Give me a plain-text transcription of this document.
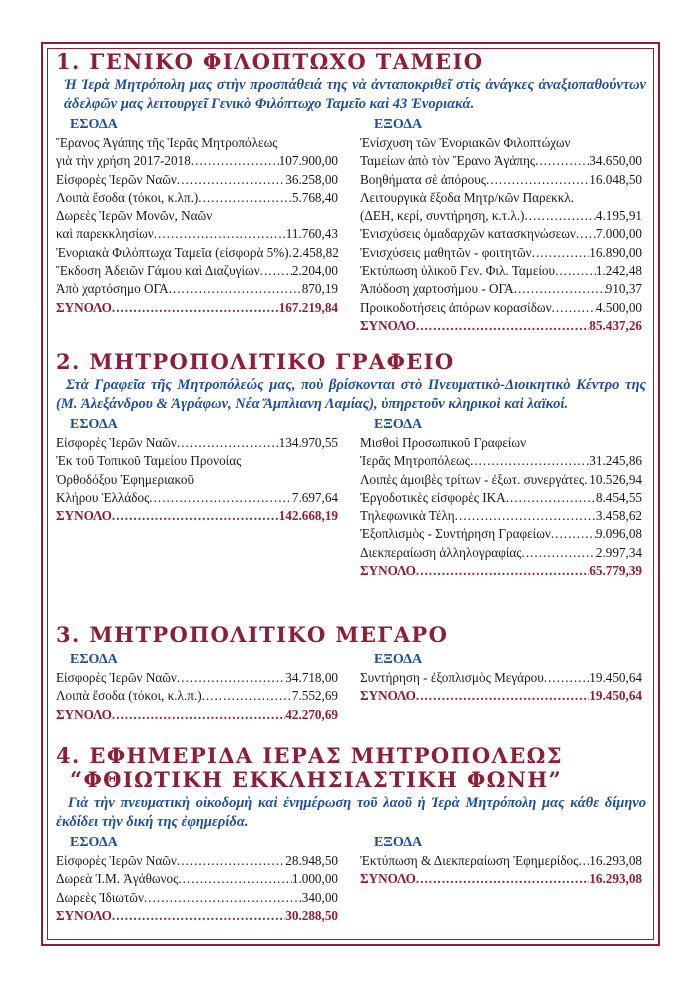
1. ΓΕΝΙΚΟ ΦΙΛΟΠΤΩΧΟ ΤΑΜΕΙΟ

Ἡ Ἱερὰ Μητρόπολη μας στὴν προσπάθειά της νὰ ἀνταποκριθεῖ στὶς ἀνάγκες ἀναξιοπαθούντων ἀδελφῶν μας λειτουργεῖ Γενικὸ Φιλόπτωχο Ταμεῖο καὶ 43 Ἐνοριακά.

ΕΣΟΔΑ
Ἔρανος Ἀγάπης τῆς Ἱερᾶς Μητροπόλεως
γιὰ τὴν χρήση 2017-2018 .....	107.900,00
Εἰσφορὲς Ἱερῶν Ναῶν .....	36.258,00
Λοιπὰ ἔσοδα (τόκοι, κ.λπ.) .....	5.768,40
Δωρεὲς Ἱερῶν Μονῶν, Ναῶν
καὶ παρεκκλησίων .....	11.760,43
Ἐνοριακὰ Φιλόπτωχα Ταμεῖα (εἰσφορὰ 5%) ..... 2.458,82
Ἔκδοση Ἀδειῶν Γάμου καὶ Διαζυγίων ..... 2.204,00
Ἀπὸ χαρτόσημο ΟΓΑ .....	870,19
ΣΥΝΟΛΟ .....	167.219,84
ΕΞΟΔΑ
Ἐνίσχυση τῶν Ἐνοριακῶν Φιλοπτώχων
Ταμείων ἀπὸ τὸν Ἔρανο Ἀγάπης .....	34.650,00
Βοηθήματα σὲ ἀπόρους .....	16.048,50
Λειτουργικὰ ἔξοδα Μητρ/κῶν Παρεκκλ.
(ΔΕΗ, κερί, συντήρηση, κ.τ.λ.) .....	4.195,91
Ἐνισχύσεις ὁμαδαρχῶν κατασκηνώσεων ..... 7.000,00
Ἐνισχύσεις μαθητῶν - φοιτητῶν .....	16.890,00
Ἐκτύπωση ὑλικοῦ Γεν. Φιλ. Ταμείου .....	1.242,48
Ἀπόδοση χαρτοσήμου - ΟΓΑ .....	910,37
Προικοδοτήσεις ἀπόρων κορασίδων .....	4.500,00
ΣΥΝΟΛΟ .....	85.437,26
2. ΜΗΤΡΟΠΟΛΙΤΙΚΟ ΓΡΑΦΕΙΟ

Στὰ Γραφεῖα τῆς Μητροπόλεώς μας, ποὺ βρίσκονται στὸ Πνευματικὸ-Διοικητικὸ Κέντρο της (Μ. Ἀλεξάνδρου & Ἀγράφων, Νέα Ἄμπλιανη Λαμίας), ὑπηρετοῦν κληρικοὶ καὶ λαϊκοί.

ΕΣΟΔΑ
Εἰσφορὲς Ἱερῶν Ναῶν .....	134.970,55
Ἐκ τοῦ Τοπικοῦ Ταμείου Προνοίας
Ὀρθοδόξου Ἐφημεριακοῦ
Κλήρου Ἑλλάδος .....	7.697,64
ΣΥΝΟΛΟ .....	142.668,19
ΕΞΟΔΑ
Μισθοὶ Προσωπικοῦ Γραφείων
Ἱερᾶς Μητροπόλεως .....	31.245,86
Λοιπὲς ἀμοιβὲς τρίτων - ἐξωτ. συνεργάτες ..... 10.526,94
Ἐργοδοτικὲς εἰσφορὲς ΙΚΑ .....	8.454,55
Τηλεφωνικὰ Τέλη .....	3.458,62
Ἐξοπλισμὸς - Συντήρηση Γραφείων .....	9.096,08
Διεκπεραίωση ἀλληλογραφίας .....	2.997,34
ΣΥΝΟΛΟ .....	65.779,39
3. ΜΗΤΡΟΠΟΛΙΤΙΚΟ ΜΕΓΑΡΟ
ΕΣΟΔΑ
Εἰσφορὲς Ἱερῶν Ναῶν .....	34.718,00
Λοιπὰ ἔσοδα (τόκοι, κ.λ.π.) .....	7.552,69
ΣΥΝΟΛΟ .....	42.270,69
ΕΞΟΔΑ
Συντήρηση - ἐξοπλισμὸς Μεγάρου .....	19.450,64
ΣΥΝΟΛΟ .....	19.450,64
4. ΕΦΗΜΕΡΙΔΑ ΙΕΡΑΣ ΜΗΤΡΟΠΟΛΕΩΣ
“ΦΘΙΩΤΙΚΗ ΕΚΚΛΗΣΙΑΣΤΙΚΗ ΦΩΝΗ”

Γιὰ τὴν πνευματικὴ οἰκοδομὴ καὶ ἐνημέρωση τοῦ λαοῦ ἡ Ἱερὰ Μητρόπολη μας κάθε δίμηνο ἐκδίδει τὴν δική της ἐφημερίδα.

ΕΣΟΔΑ
Εἰσφορὲς Ἱερῶν Ναῶν .....	28.948,50
Δωρεὰ Ἱ.Μ. Ἀγάθωνος .....	1.000,00
Δωρεὲς Ἰδιωτῶν .....	340,00
ΣΥΝΟΛΟ .....	30.288,50
ΕΞΟΔΑ
Ἐκτύπωση & Διεκπεραίωση Ἐφημερίδος ..... 16.293,08
ΣΥΝΟΛΟ .....	16.293,08
